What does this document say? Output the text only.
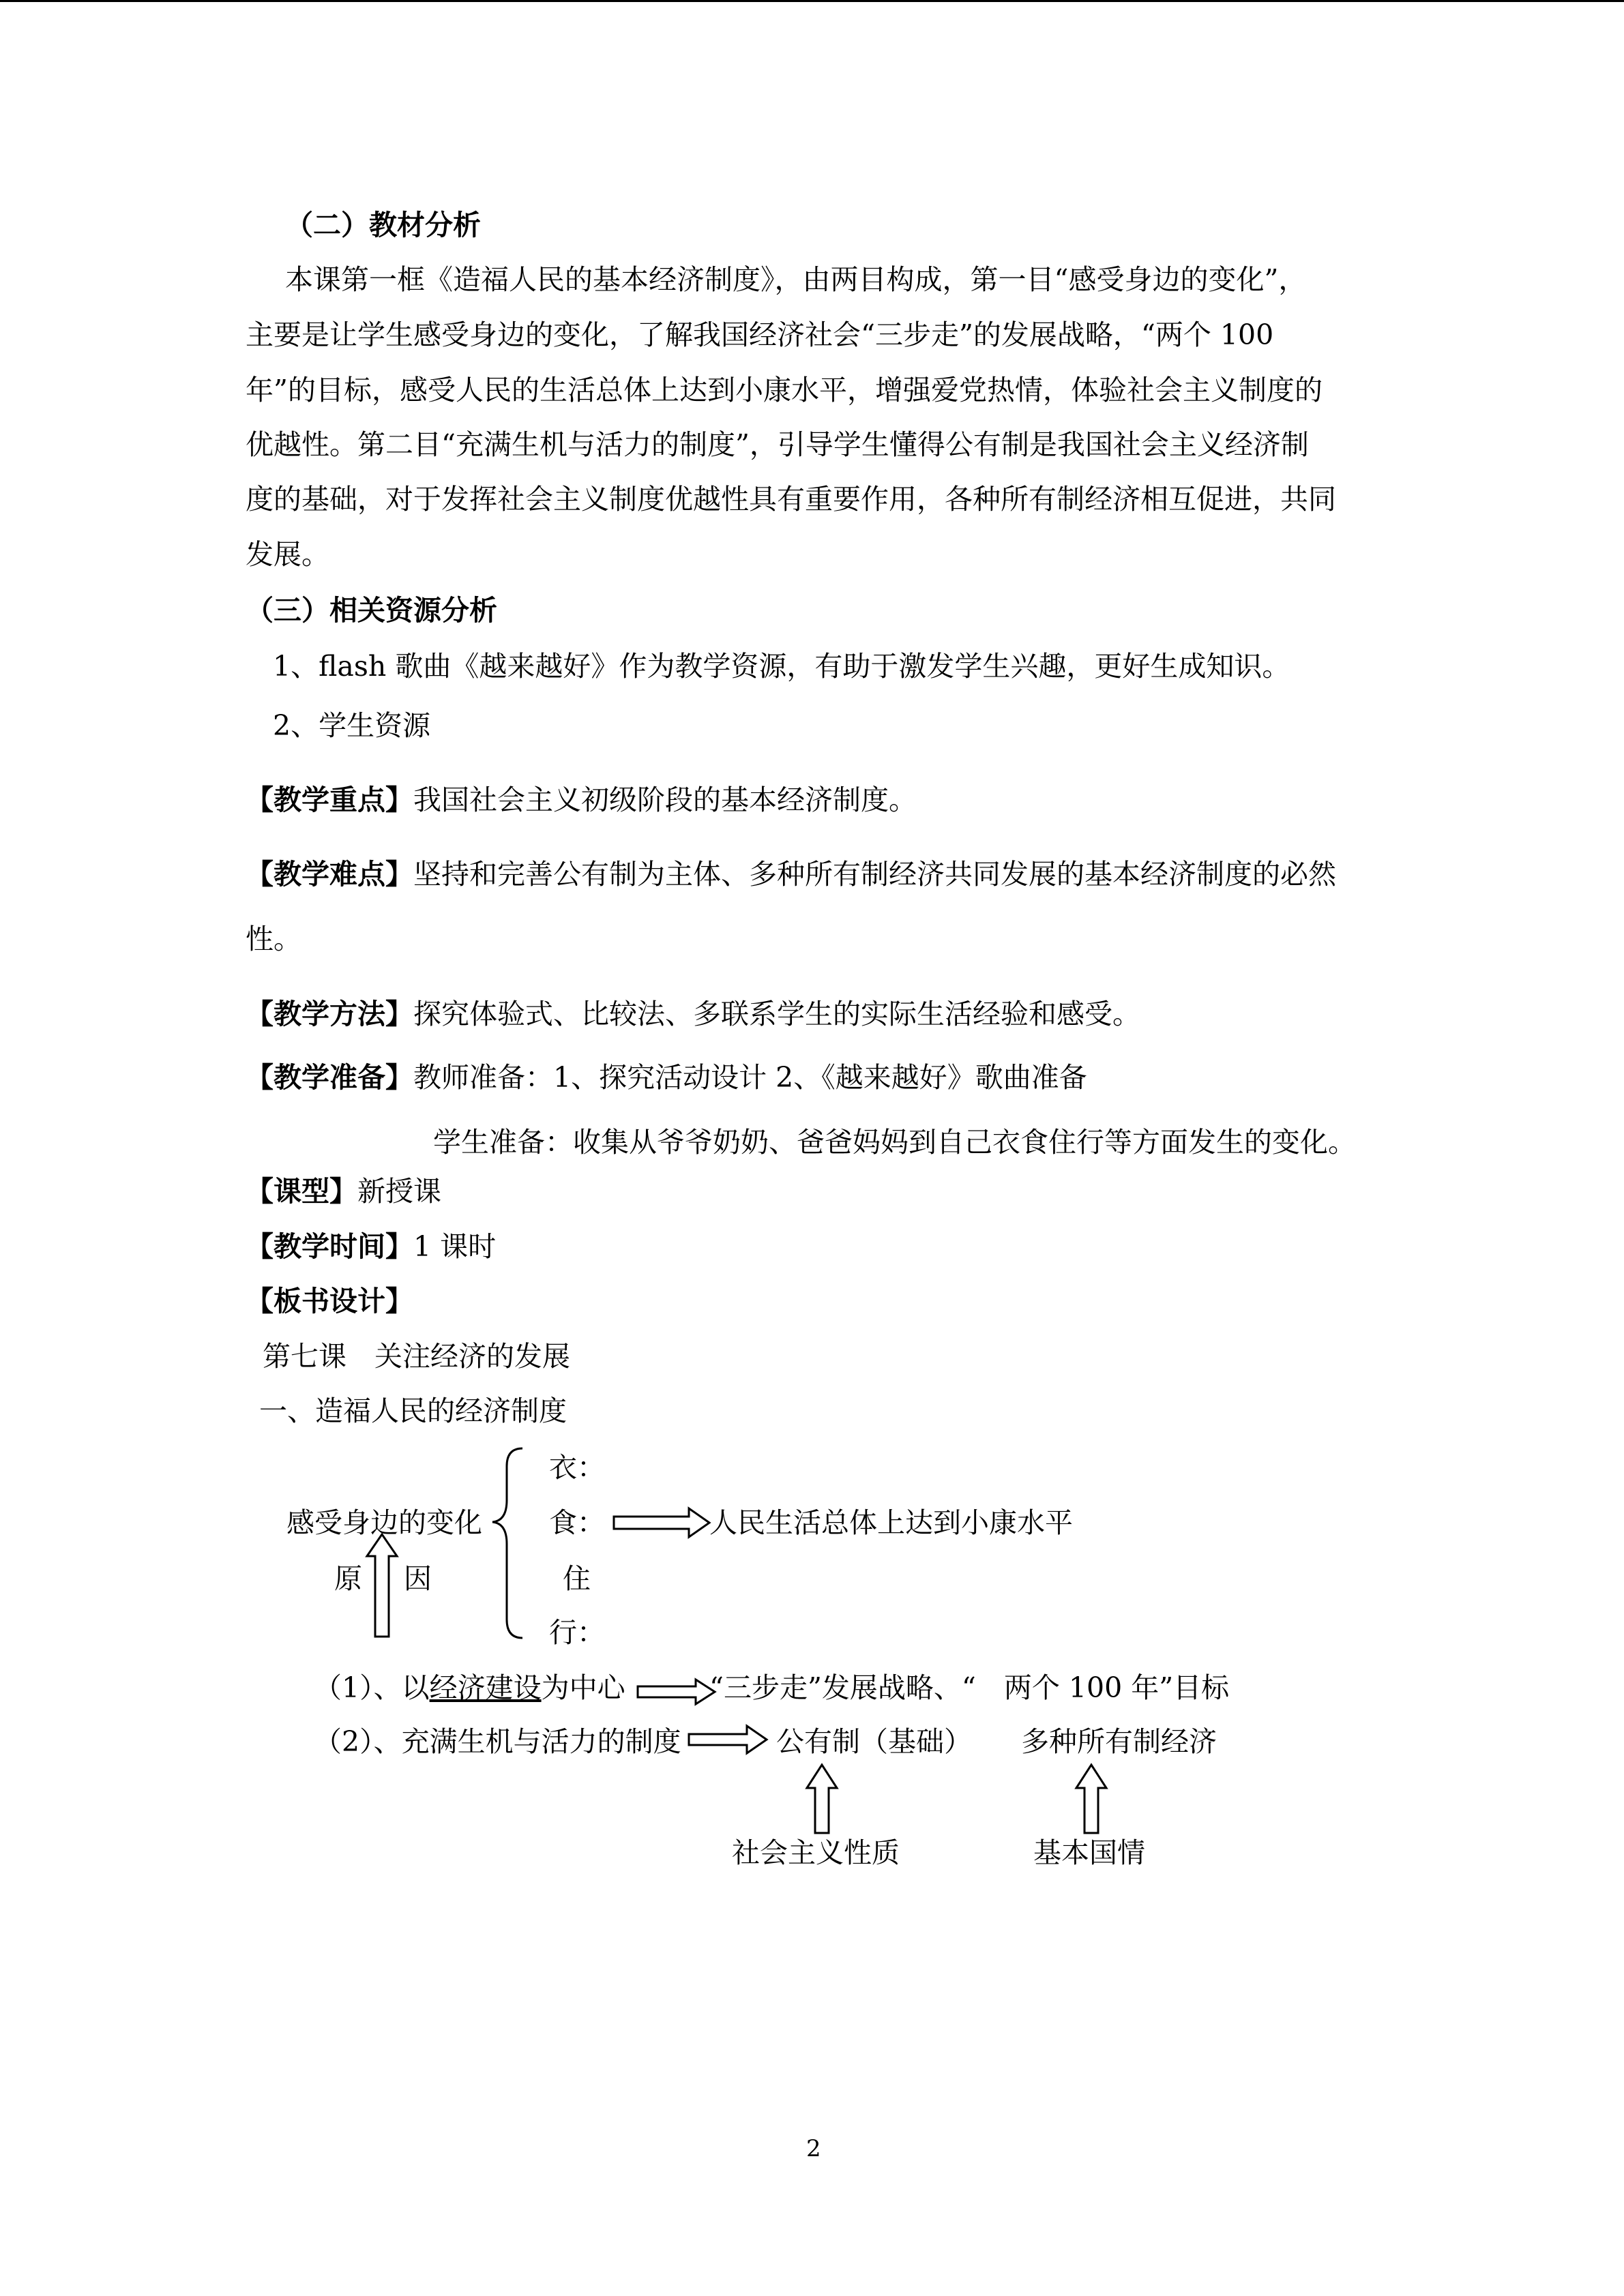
（二）教材分析
本课第一框《造福人民的基本经济制度》，由两目构成，第一目“感受身边的变化”，
主要是让学生感受身边的变化，了解我国经济社会“三步走”的发展战略，“两个 100
年”的目标，感受人民的生活总体上达到小康水平，增强爱党热情，体验社会主义制度的
优越性。第二目“充满生机与活力的制度”，引导学生懂得公有制是我国社会主义经济制
度的基础，对于发挥社会主义制度优越性具有重要作用，各种所有制经济相互促进，共同
发展。
（三）相关资源分析
1、flash 歌曲《越来越好》作为教学资源，有助于激发学生兴趣，更好生成知识。
2、学生资源
【教学重点】我国社会主义初级阶段的基本经济制度。
【教学难点】坚持和完善公有制为主体、多种所有制经济共同发展的基本经济制度的必然
性。
【教学方法】探究体验式、比较法、多联系学生的实际生活经验和感受。
【教学准备】教师准备：1、探究活动设计 2、《越来越好》歌曲准备
学生准备：收集从爷爷奶奶、爸爸妈妈到自己衣食住行等方面发生的变化。
【课型】新授课
【教学时间】1 课时
【板书设计】
第七课　关注经济的发展
一、造福人民的经济制度
衣：
感受身边的变化 食：	人民生活总体上达到小康水平
原 因	住
行：
（1）、以经济建设为中心	“三步走”发展战略、“　两个 100 年”目标
（2）、充满生机与活力的制度	公有制（基础） 多种所有制经济
社会主义性质	基本国情
2
